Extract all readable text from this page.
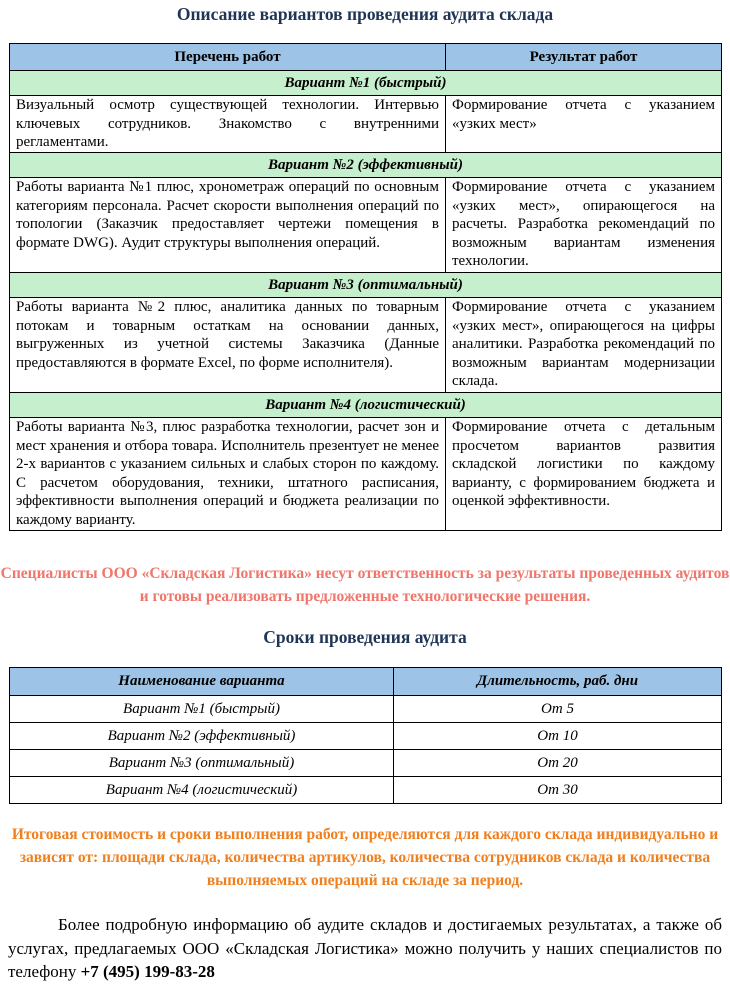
Описание вариантов проведения аудита склада
Перечень работ	Результат работ
Вариант №1 (быстрый)	
Визуальный осмотр существующей технологии. Интервью ключевых сотрудников. Знакомство с внутренними регламентами.	Формирование отчета с указанием «узких мест»
Вариант №2 (эффективный)	
Работы варианта №1 плюс, хронометраж операций по основным категориям персонала. Расчет скорости выполнения операций по топологии (Заказчик предоставляет чертежи помещения в формате DWG). Аудит структуры выполнения операций.	Формирование отчета с указанием «узких мест», опирающегося на расчеты. Разработка рекомендаций по возможным вариантам изменения технологии.
Вариант №3 (оптимальный)	
Работы варианта №2 плюс, аналитика данных по товарным потокам и товарным остаткам на основании данных, выгруженных из учетной системы Заказчика (Данные предоставляются в формате Excel, по форме исполнителя).	Формирование отчета с указанием «узких мест», опирающегося на цифры аналитики. Разработка рекомендаций по возможным вариантам модернизации склада.
Вариант №4 (логистический)	
Работы варианта №3, плюс разработка технологии, расчет зон и мест хранения и отбора товара. Исполнитель презентует не менее 2-х вариантов с указанием сильных и слабых сторон по каждому. С расчетом оборудования, техники, штатного расписания, эффективности выполнения операций и бюджета реализации по каждому варианту.	Формирование отчета с детальным просчетом вариантов развития складской логистики по каждому варианту, с формированием бюджета и оценкой эффективности.
Специалисты ООО «Складская Логистика» несут ответственность за результаты проведенных аудитов и готовы реализовать предложенные технологические решения.
Сроки проведения аудита
Наименование варианта	Длительность, раб. дни
Вариант №1 (быстрый)	От 5
Вариант №2 (эффективный)	От 10
Вариант №3 (оптимальный)	От 20
Вариант №4 (логистический)	От 30
Итоговая стоимость и сроки выполнения работ, определяются для каждого склада индивидуально и зависят от: площади склада, количества артикулов, количества сотрудников склада и количества выполняемых операций на складе за период.
Более подробную информацию об аудите складов и достигаемых результатах, а также об услугах, предлагаемых ООО «Складская Логистика» можно получить у наших специалистов по телефону +7 (495) 199-83-28
